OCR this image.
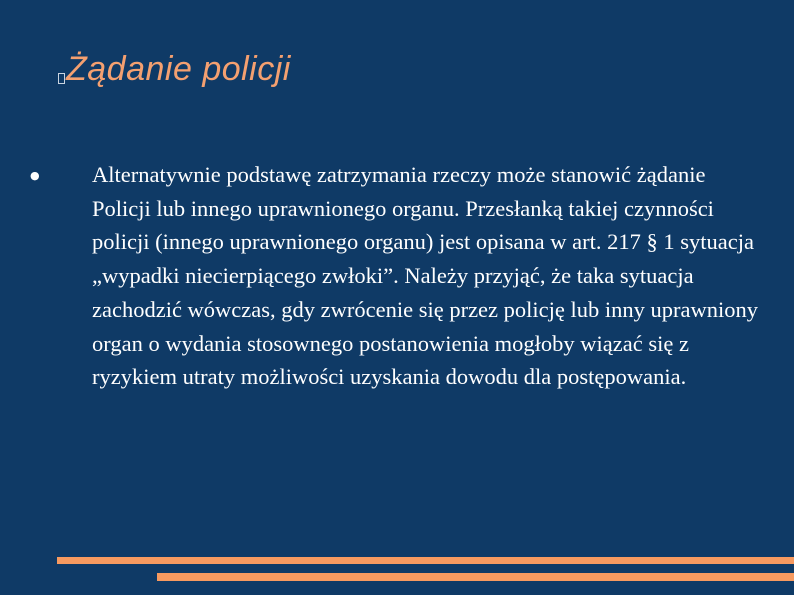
Żądanie policji
● Alternatywnie podstawę zatrzymania rzeczy może stanowić żądanie Policji lub innego uprawnionego organu. Przesłanką takiej czynności policji (innego uprawnionego organu) jest opisana w art. 217 § 1 sytuacja „wypadki niecierpiącego zwłoki”. Należy przyjąć, że taka sytuacja zachodzić wówczas, gdy zwrócenie się przez policję lub inny uprawniony organ o wydania stosownego postanowienia mogłoby wiązać się z ryzykiem utraty możliwości uzyskania dowodu dla postępowania.
